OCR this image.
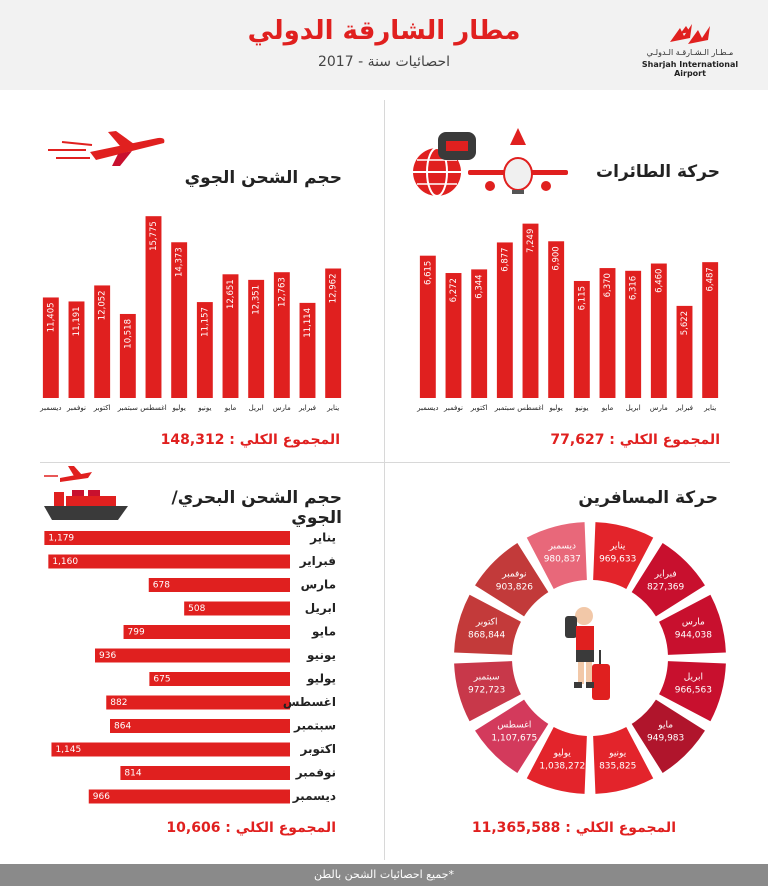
مطار الشارقة الدولي
احصائيات سنة - 2017
مـطـار الـشـارقـة الـدولـي
Sharjah International Airport
حركة الطائرات
المجموع الكلي : 77,627
حجم الشحن الجوي
المجموع الكلي : 148,312
حجم الشحن البحري/الجوي
المجموع الكلي : 10,606
حركة المسافرين
المجموع الكلي : 11,365,588
6,487
يناير
5,622
فبراير
6,460
مارس
6,316
ابريل
6,370
مايو
6,115
يونيو
6,900
يوليو
7,249
اغسطس
6,877
سبتمبر
6,344
اكتوبر
6,272
نوفمبر
6,615
ديسمبر
12,962
يناير
11,114
فبراير
12,763
مارس
12,351
ابريل
12,651
مايو
11,157
يونيو
14,373
يوليو
15,775
اغسطس
10,518
سبتمبر
12,052
اكتوبر
11,191
نوفمبر
11,405
ديسمبر
1,179	يناير
1,160	فبراير
678	مارس
508	ابريل
799	مايو
936	يونيو
675	يوليو
882	اغسطس
864	سبتمبر
1,145	اكتوبر
814	نوفمبر
966	ديسمبر
يناير
969,633
فبراير
827,369
مارس
944,038
ابريل
966,563
مايو
949,983
يونيو
835,825
يوليو
1,038,272
اغسطس
1,107,675
سبتمبر
972,723
اكتوبر
868,844
نوفمبر
903,826
ديسمبر
980,837
*جميع احصائيات الشحن بالطن
